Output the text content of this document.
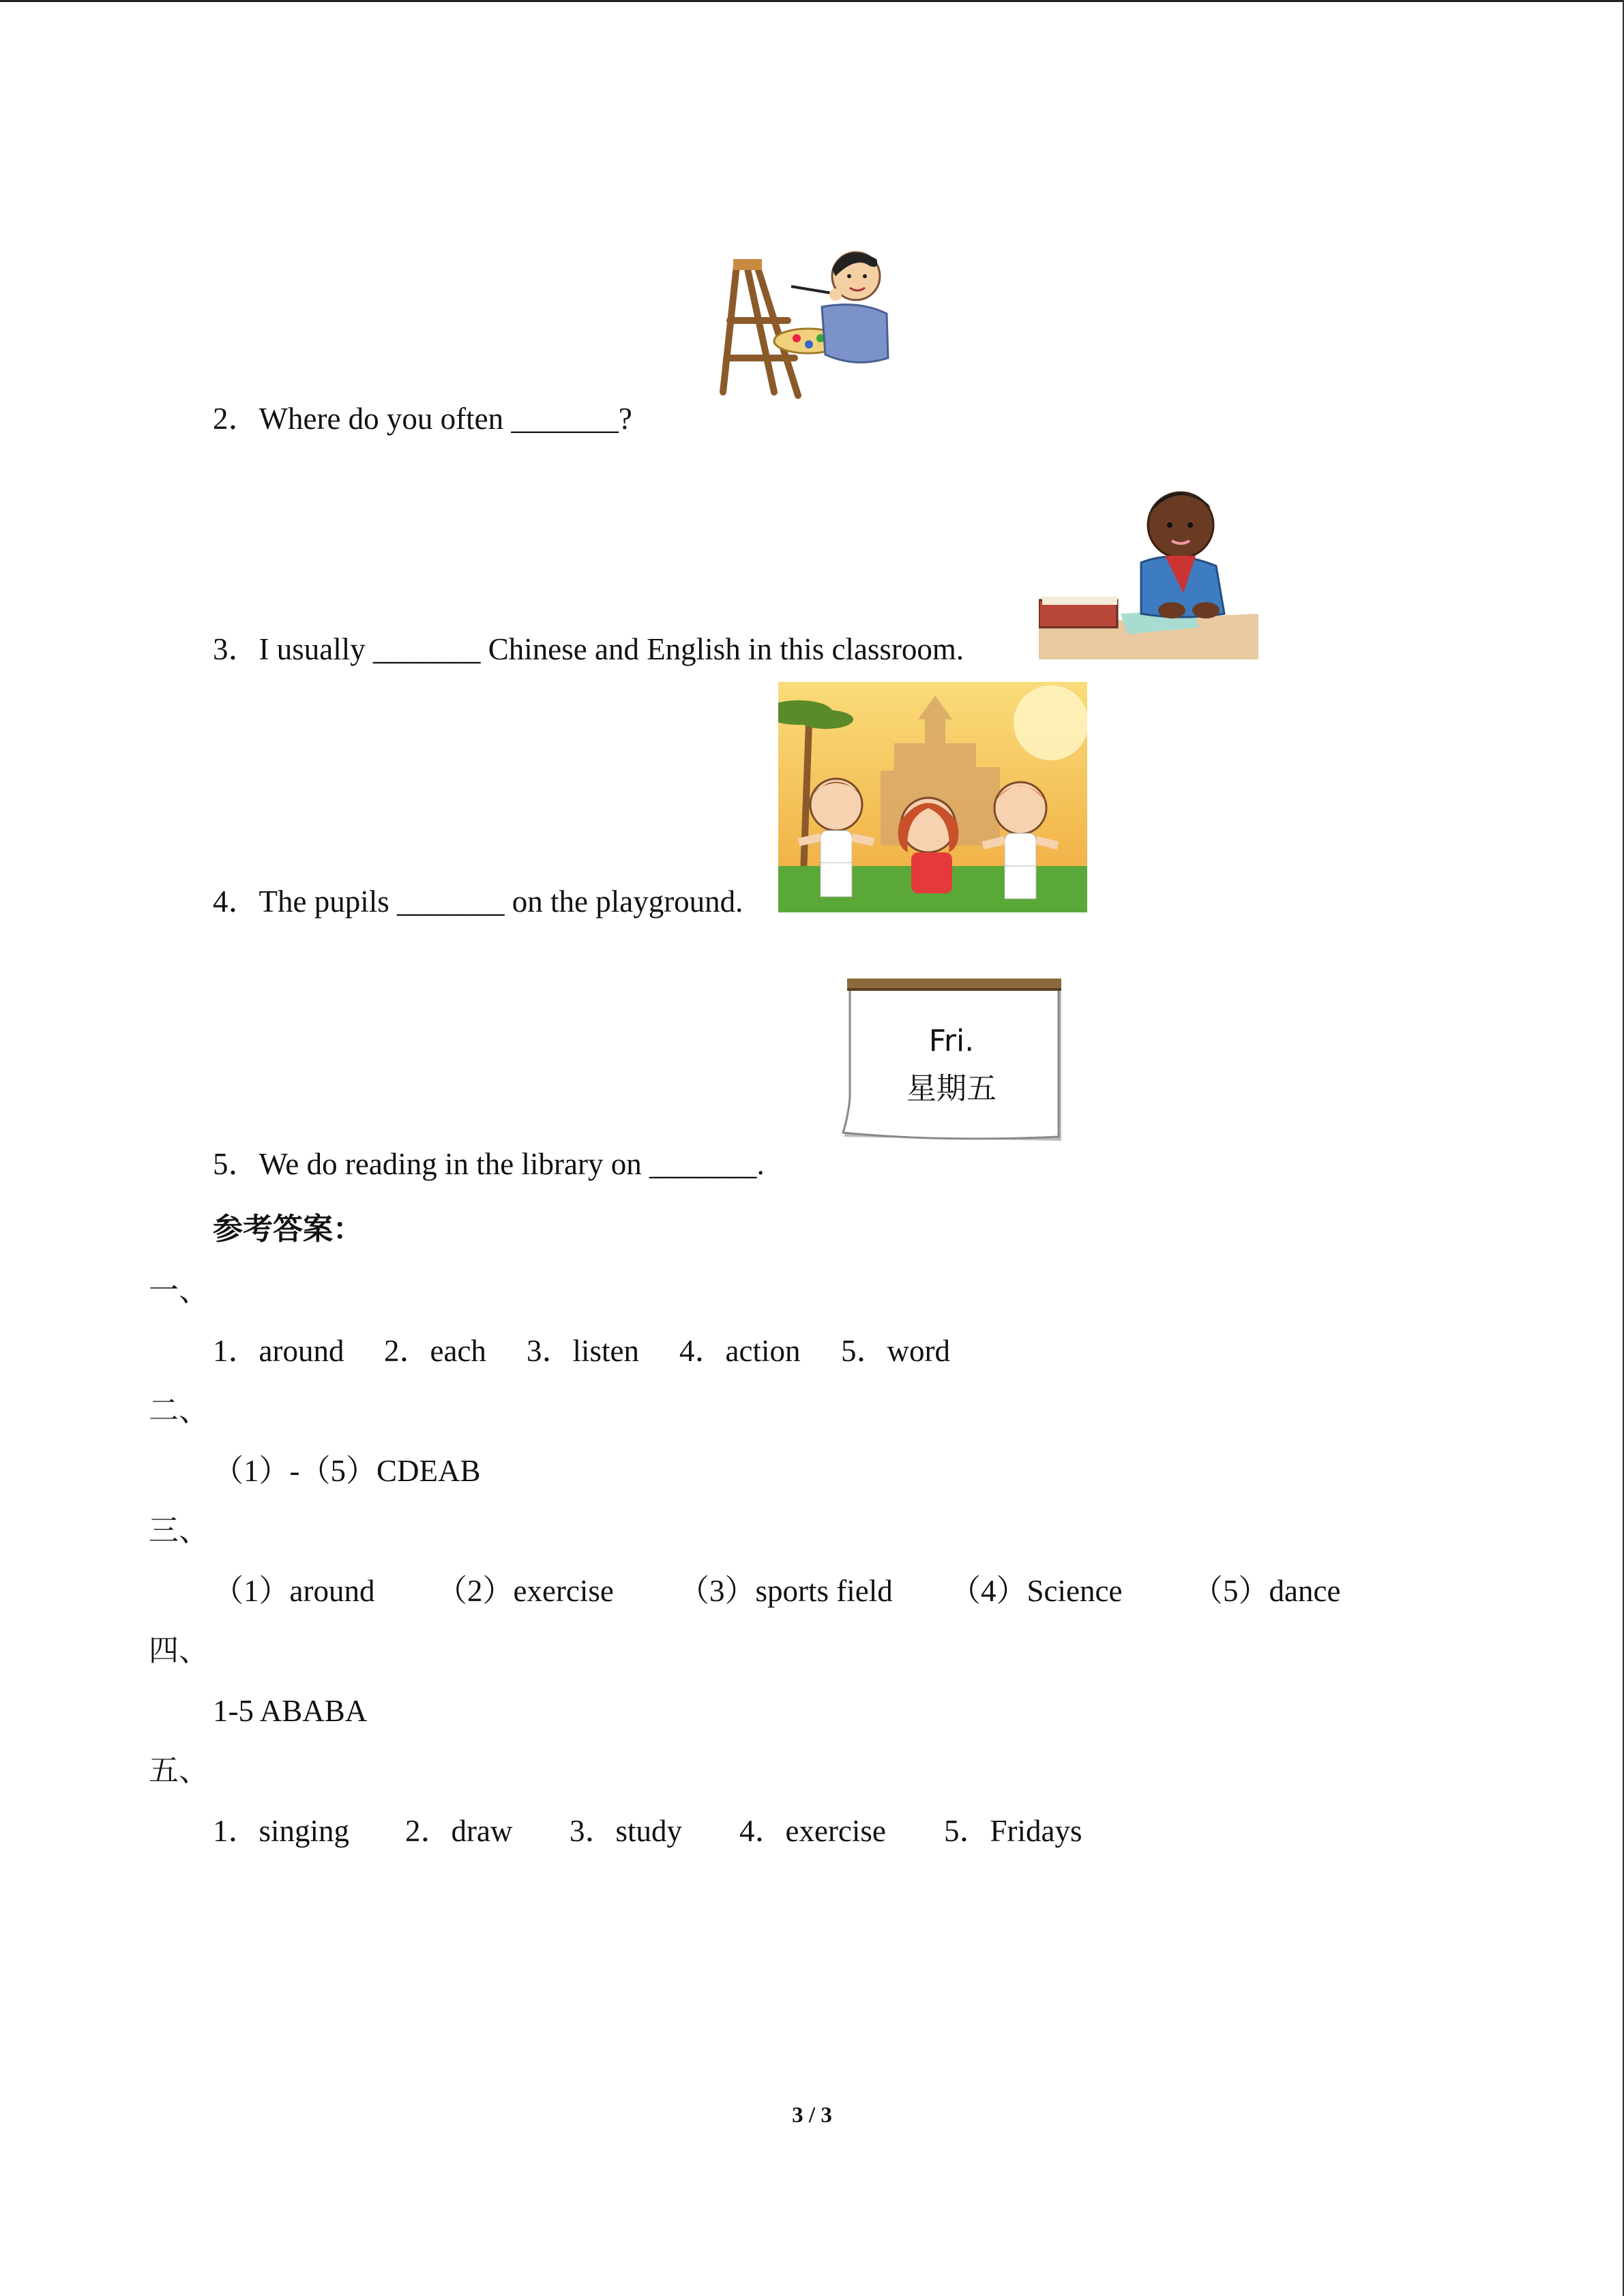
2．Where do you often _______?
3．I usually _______ Chinese and English in this classroom.
4．The pupils _______ on the playground.
Fri.
星期五
5．We do reading in the library on _______.
参考答案：
一、
1．around 2．each 3．listen 4．action 5．word
二、
（1）-（5）CDEAB
三、
（1）around （2）exercise （3）sports field （4）Science （5）dance
四、
1-5 ABABA
五、
1．singing 2．draw 3．study 4．exercise 5．Fridays
3 / 3
